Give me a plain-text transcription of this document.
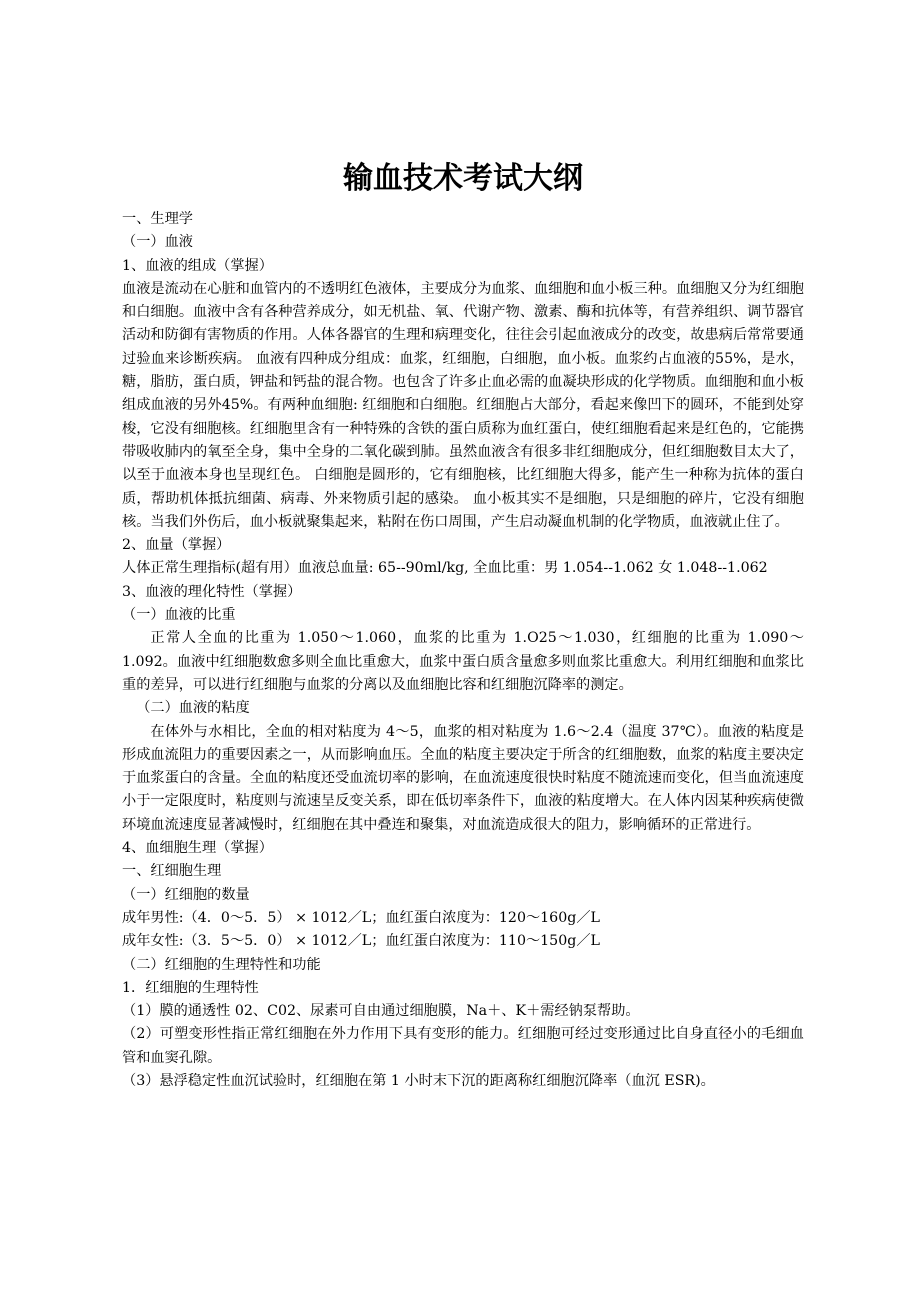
输血技术考试大纲

一、生理学

（一）血液

1、血液的组成（掌握）

血液是流动在心脏和血管内的不透明红色液体，主要成分为血浆、血细胞和血小板三种。血细胞又分为红细胞和白细胞。血液中含有各种营养成分，如无机盐、氧、代谢产物、激素、酶和抗体等，有营养组织、调节器官活动和防御有害物质的作用。人体各器官的生理和病理变化，往往会引起血液成分的改变，故患病后常常要通过验血来诊断疾病。 血液有四种成分组成：血浆，红细胞，白细胞，血小板。血浆约占血液的55%，是水，糖，脂肪，蛋白质，钾盐和钙盐的混合物。也包含了许多止血必需的血凝块形成的化学物质。血细胞和血小板组成血液的另外45%。有两种血细胞: 红细胞和白细胞。红细胞占大部分，看起来像凹下的圆环，不能到处穿梭，它没有细胞核。红细胞里含有一种特殊的含铁的蛋白质称为血红蛋白，使红细胞看起来是红色的，它能携带吸收肺内的氧至全身，集中全身的二氧化碳到肺。虽然血液含有很多非红细胞成分，但红细胞数目太大了，以至于血液本身也呈现红色。 白细胞是圆形的，它有细胞核，比红细胞大得多，能产生一种称为抗体的蛋白质，帮助机体抵抗细菌、病毒、外来物质引起的感染。 血小板其实不是细胞，只是细胞的碎片，它没有细胞核。当我们外伤后，血小板就聚集起来，粘附在伤口周围，产生启动凝血机制的化学物质，血液就止住了。

2、血量（掌握）

人体正常生理指标(超有用）血液总血量: 65--90ml/kg, 全血比重：男 1.054--1.062 女 1.048--1.062

3、血液的理化特性（掌握）

（一）血液的比重

正常人全血的比重为 1.050～1.060，血浆的比重为 1.O25～1.030，红细胞的比重为 1.090～1.092。血液中红细胞数愈多则全血比重愈大，血浆中蛋白质含量愈多则血浆比重愈大。利用红细胞和血浆比重的差异，可以进行红细胞与血浆的分离以及血细胞比容和红细胞沉降率的测定。

（二）血液的粘度

在体外与水相比，全血的相对粘度为 4～5，血浆的相对粘度为 1.6～2.4（温度 37℃）。血液的粘度是形成血流阻力的重要因素之一，从而影响血压。全血的粘度主要决定于所含的红细胞数，血浆的粘度主要决定于血浆蛋白的含量。全血的粘度还受血流切率的影响，在血流速度很快时粘度不随流速而变化，但当血流速度小于一定限度时，粘度则与流速呈反变关系，即在低切率条件下，血液的粘度增大。在人体内因某种疾病使微环境血流速度显著减慢时，红细胞在其中叠连和聚集，对血流造成很大的阻力，影响循环的正常进行。

4、血细胞生理（掌握）

一、红细胞生理

（一）红细胞的数量

成年男性:（4．0～5．5） × 1012／L；血红蛋白浓度为：120～160g／L

成年女性:（3．5～5．0） × 1012／L；血红蛋白浓度为：110～150g／L

（二）红细胞的生理特性和功能

1．红细胞的生理特性

（1）膜的通透性 02、C02、尿素可自由通过细胞膜，Na＋、K＋需经钠泵帮助。

（2）可塑变形性指正常红细胞在外力作用下具有变形的能力。红细胞可经过变形通过比自身直径小的毛细血管和血窦孔隙。

（3）悬浮稳定性血沉试验时，红细胞在第 1 小时末下沉的距离称红细胞沉降率（血沉 ESR)。
